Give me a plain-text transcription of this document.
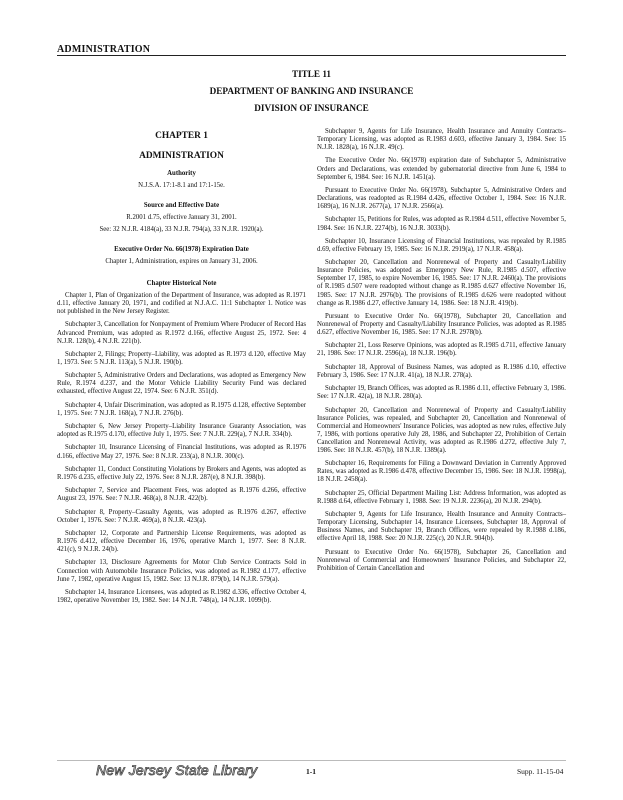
ADMINISTRATION
TITLE 11
DEPARTMENT OF BANKING AND INSURANCE
DIVISION OF INSURANCE
CHAPTER 1
ADMINISTRATION
Authority
N.J.S.A. 17:1-8.1 and 17:1-15e.
Source and Effective Date
R.2001 d.75, effective January 31, 2001.
See: 32 N.J.R. 4184(a), 33 N.J.R. 794(a), 33 N.J.R. 1920(a).
Executive Order No. 66(1978) Expiration Date
Chapter 1, Administration, expires on January 31, 2006.
Chapter Historical Note

Chapter 1, Plan of Organization of the Department of Insurance, was adopted as R.1971 d.11, effective January 20, 1971, and codified at N.J.A.C. 11:1 Subchapter 1. Notice was not published in the New Jersey Register.

Subchapter 3, Cancellation for Nonpayment of Premium Where Producer of Record Has Advanced Premium, was adopted as R.1972 d.166, effective August 25, 1972. See: 4 N.J.R. 128(b), 4 N.J.R. 221(b).

Subchapter 2, Filings; Property–Liability, was adopted as R.1973 d.120, effective May 1, 1973. See: 5 N.J.R. 113(a), 5 N.J.R. 190(b).

Subchapter 5, Administrative Orders and Declarations, was adopted as Emergency New Rule, R.1974 d.237, and the Motor Vehicle Liability Security Fund was declared exhausted, effective August 22, 1974. See: 6 N.J.R. 351(d).

Subchapter 4, Unfair Discrimination, was adopted as R.1975 d.128, effective September 1, 1975. See: 7 N.J.R. 168(a), 7 N.J.R. 276(b).

Subchapter 6, New Jersey Property–Liability Insurance Guaranty Association, was adopted as R.1975 d.170, effective July 1, 1975. See: 7 N.J.R. 229(a), 7 N.J.R. 334(b).

Subchapter 10, Insurance Licensing of Financial Institutions, was adopted as R.1976 d.166, effective May 27, 1976. See: 8 N.J.R. 233(a), 8 N.J.R. 300(c).

Subchapter 11, Conduct Constituting Violations by Brokers and Agents, was adopted as R.1976 d.235, effective July 22, 1976. See: 8 N.J.R. 287(e), 8 N.J.R. 398(b).

Subchapter 7, Service and Placement Fees, was adopted as R.1976 d.266, effective August 23, 1976. See: 7 N.J.R. 468(a), 8 N.J.R. 422(b).

Subchapter 8, Property–Casualty Agents, was adopted as R.1976 d.267, effective October 1, 1976. See: 7 N.J.R. 469(a), 8 N.J.R. 423(a).

Subchapter 12, Corporate and Partnership License Requirements, was adopted as R.1976 d.412, effective December 16, 1976, operative March 1, 1977. See: 8 N.J.R. 421(c), 9 N.J.R. 24(b).

Subchapter 13, Disclosure Agreements for Motor Club Service Contracts Sold in Connection with Automobile Insurance Policies, was adopted as R.1982 d.177, effective June 7, 1982, operative August 15, 1982. See: 13 N.J.R. 879(b), 14 N.J.R. 579(a).

Subchapter 14, Insurance Licensees, was adopted as R.1982 d.336, effective October 4, 1982, operative November 19, 1982. See: 14 N.J.R. 748(a), 14 N.J.R. 1099(b).

Subchapter 9, Agents for Life Insurance, Health Insurance and Annuity Contracts–Temporary Licensing, was adopted as R.1983 d.603, effective January 3, 1984. See: 15 N.J.R. 1828(a), 16 N.J.R. 49(c).

The Executive Order No. 66(1978) expiration date of Subchapter 5, Administrative Orders and Declarations, was extended by gubernatorial directive from June 6, 1984 to September 6, 1984. See: 16 N.J.R. 1451(a).

Pursuant to Executive Order No. 66(1978), Subchapter 5, Administrative Orders and Declarations, was readopted as R.1984 d.426, effective October 1, 1984. See: 16 N.J.R. 1689(a), 16 N.J.R. 2677(a), 17 N.J.R. 2566(a).

Subchapter 15, Petitions for Rules, was adopted as R.1984 d.511, effective November 5, 1984. See: 16 N.J.R. 2274(b), 16 N.J.R. 3033(b).

Subchapter 10, Insurance Licensing of Financial Institutions, was repealed by R.1985 d.69, effective February 19, 1985. See: 16 N.J.R. 2919(a), 17 N.J.R. 458(a).

Subchapter 20, Cancellation and Nonrenewal of Property and Casualty/Liability Insurance Policies, was adopted as Emergency New Rule, R.1985 d.507, effective September 17, 1985, to expire November 16, 1985. See: 17 N.J.R. 2460(a). The provisions of R.1985 d.507 were readopted without change as R.1985 d.627 effective November 16, 1985. See: 17 N.J.R. 2976(b). The provisions of R.1985 d.626 were readopted without change as R.1986 d.27, effective January 14, 1986. See: 18 N.J.R. 419(b).

Pursuant to Executive Order No. 66(1978), Subchapter 20, Cancellation and Nonrenewal of Property and Casualty/Liability Insurance Policies, was adopted as R.1985 d.627, effective November 16, 1985. See: 17 N.J.R. 2978(b).

Subchapter 21, Loss Reserve Opinions, was adopted as R.1985 d.711, effective January 21, 1986. See: 17 N.J.R. 2596(a), 18 N.J.R. 196(b).

Subchapter 18, Approval of Business Names, was adopted as R.1986 d.10, effective February 3, 1986. See: 17 N.J.R. 41(a), 18 N.J.R. 278(a).

Subchapter 19, Branch Offices, was adopted as R.1986 d.11, effective February 3, 1986. See: 17 N.J.R. 42(a), 18 N.J.R. 280(a).

Subchapter 20, Cancellation and Nonrenewal of Property and Casualty/Liability Insurance Policies, was repealed, and Subchapter 20, Cancellation and Nonrenewal of Commercial and Homeowners' Insurance Policies, was adopted as new rules, effective July 7, 1986, with portions operative July 28, 1986, and Subchapter 22, Prohibition of Certain Cancellation and Nonrenewal Activity, was adopted as R.1986 d.272, effective July 7, 1986. See: 18 N.J.R. 457(b), 18 N.J.R. 1389(a).

Subchapter 16, Requirements for Filing a Downward Deviation in Currently Approved Rates, was adopted as R.1986 d.478, effective December 15, 1986. See: 18 N.J.R. 1998(a), 18 N.J.R. 2458(a).

Subchapter 25, Official Department Mailing List: Address Information, was adopted as R.1988 d.64, effective February 1, 1988. See: 19 N.J.R. 2236(a), 20 N.J.R. 294(b).

Subchapter 9, Agents for Life Insurance, Health Insurance and Annuity Contracts–Temporary Licensing, Subchapter 14, Insurance Licensees, Subchapter 18, Approval of Business Names, and Subchapter 19, Branch Offices, were repealed by R.1988 d.186, effective April 18, 1988. See: 20 N.J.R. 225(c), 20 N.J.R. 904(b).

Pursuant to Executive Order No. 66(1978), Subchapter 26, Cancellation and Nonrenewal of Commercial and Homeowners' Insurance Policies, and Subchapter 22, Prohibition of Certain Cancellation and

New Jersey State Library	1-1	Supp. 11-15-04
